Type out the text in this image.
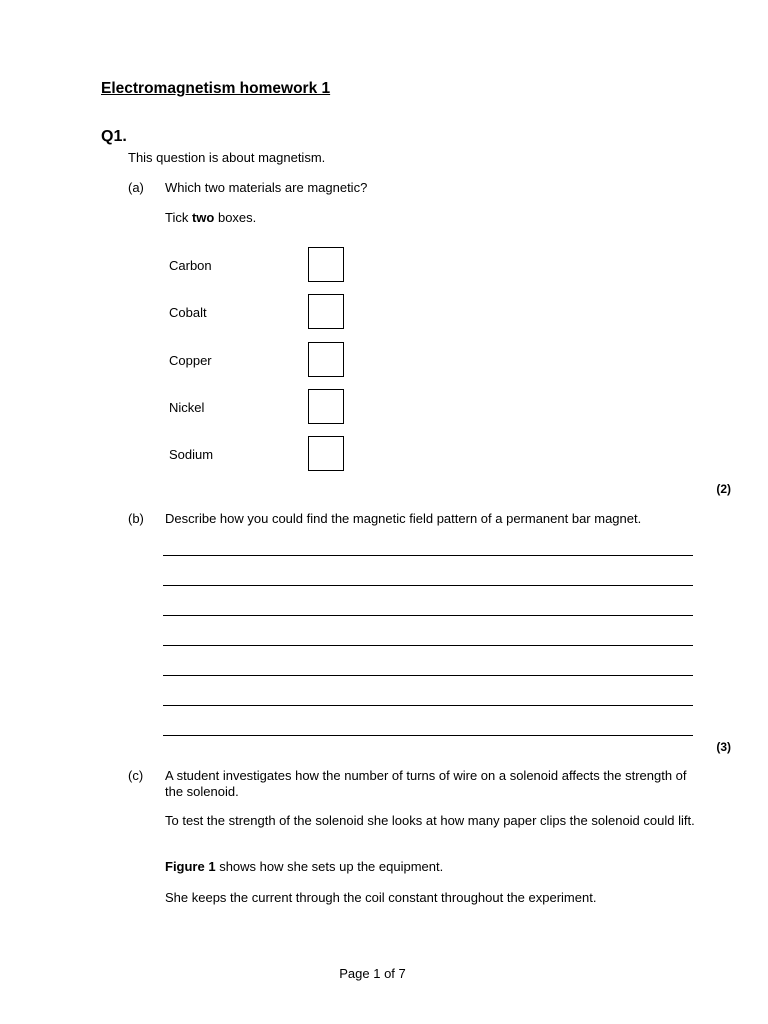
Electromagnetism homework 1
Q1.
This question is about magnetism.
(a) Which two materials are magnetic?
Tick two boxes.
Carbon
Cobalt
Copper
Nickel
Sodium
(2)
(b) Describe how you could find the magnetic field pattern of a permanent bar magnet.
(3)
(c) A student investigates how the number of turns of wire on a solenoid affects the strength of the solenoid.
To test the strength of the solenoid she looks at how many paper clips the solenoid could lift.
Figure 1 shows how she sets up the equipment.
She keeps the current through the coil constant throughout the experiment.
Page 1 of 7
